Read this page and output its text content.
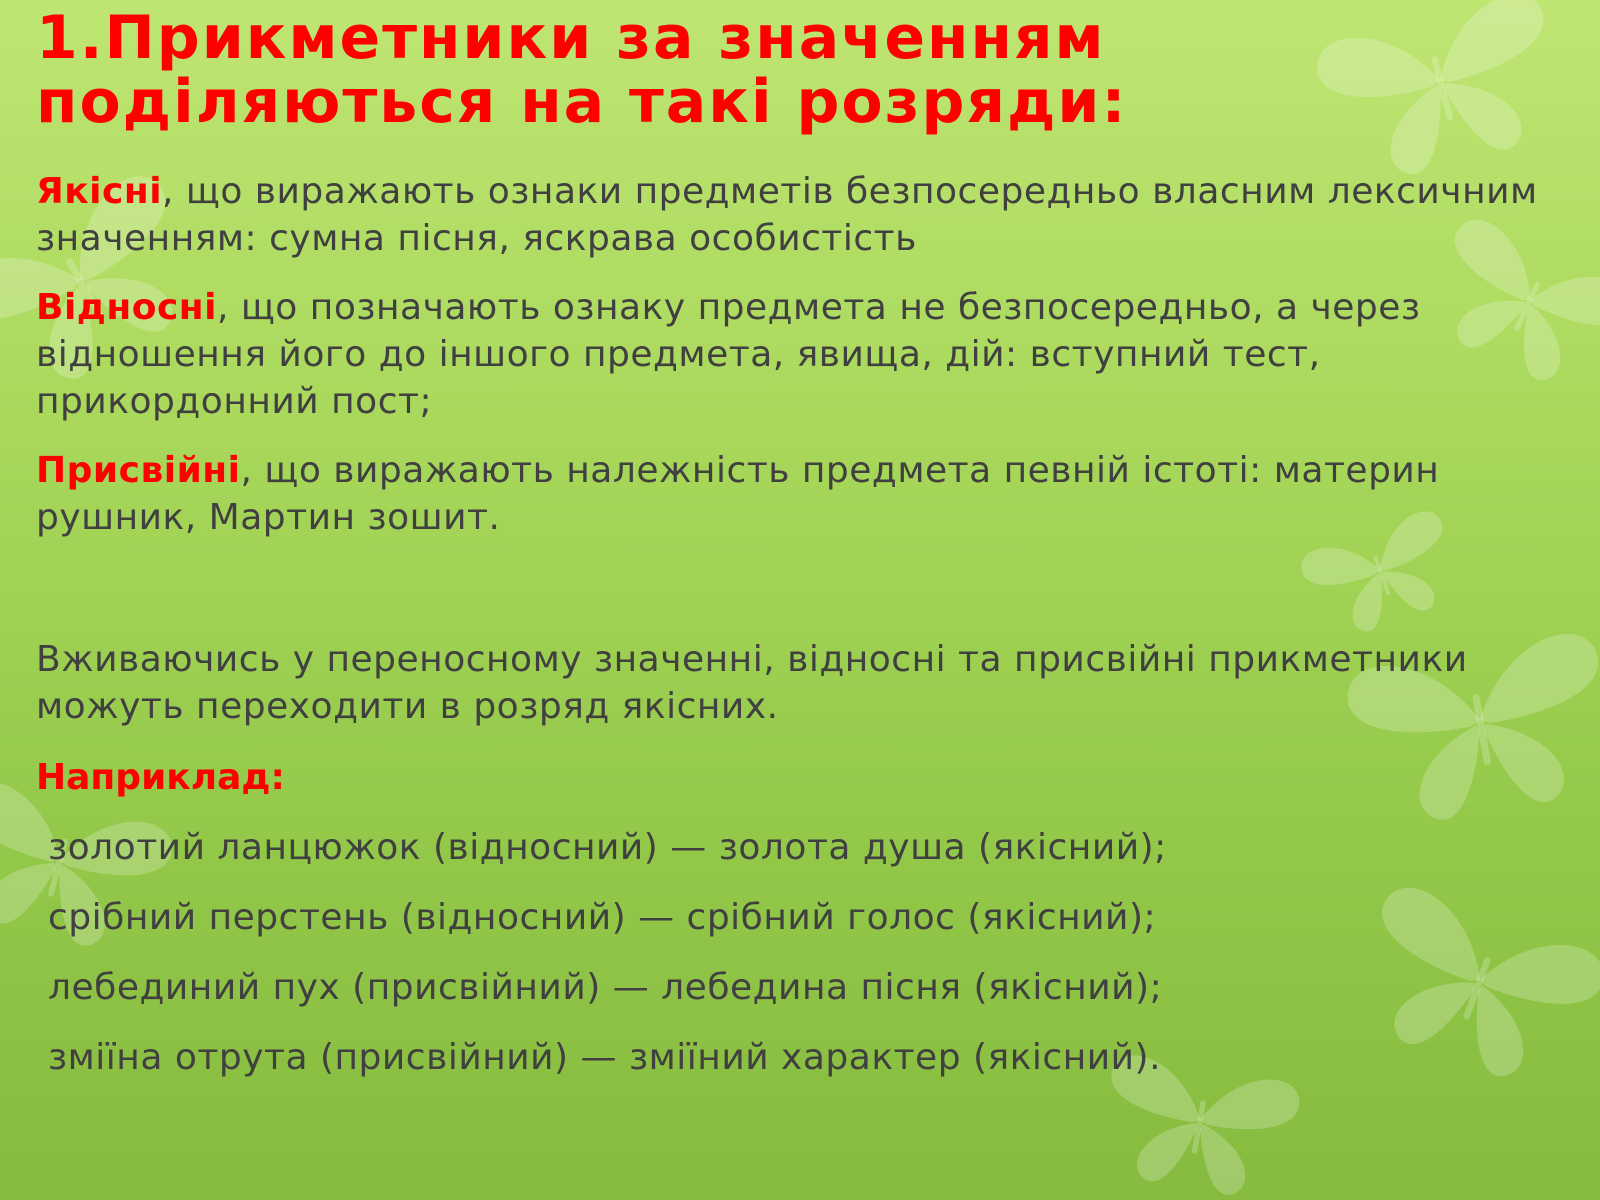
1.Прикметники за значенням поділяються на такі розряди:

Якісні, що виражають ознаки предметів безпосередньо власним лексичним значенням: сумна пісня, яскрава особистість

Відносні, що позначають ознаку предмета не безпосередньо, а через відношення його до іншого предмета, явища, дій: вступний тест, прикордонний пост;

Присвійні, що виражають належність предмета певній істоті: материн рушник, Мартин зошит.

Вживаючись у переносному значенні, відносні та присвійні прикметники можуть переходити в розряд якісних.

Наприклад:

золотий ланцюжок (відносний) — золота душа (якісний);
срібний перстень (відносний) — срібний голос (якісний);
лебединий пух (присвійний) — лебедина пісня (якісний);
зміїна отрута (присвійний) — зміїний характер (якісний).
